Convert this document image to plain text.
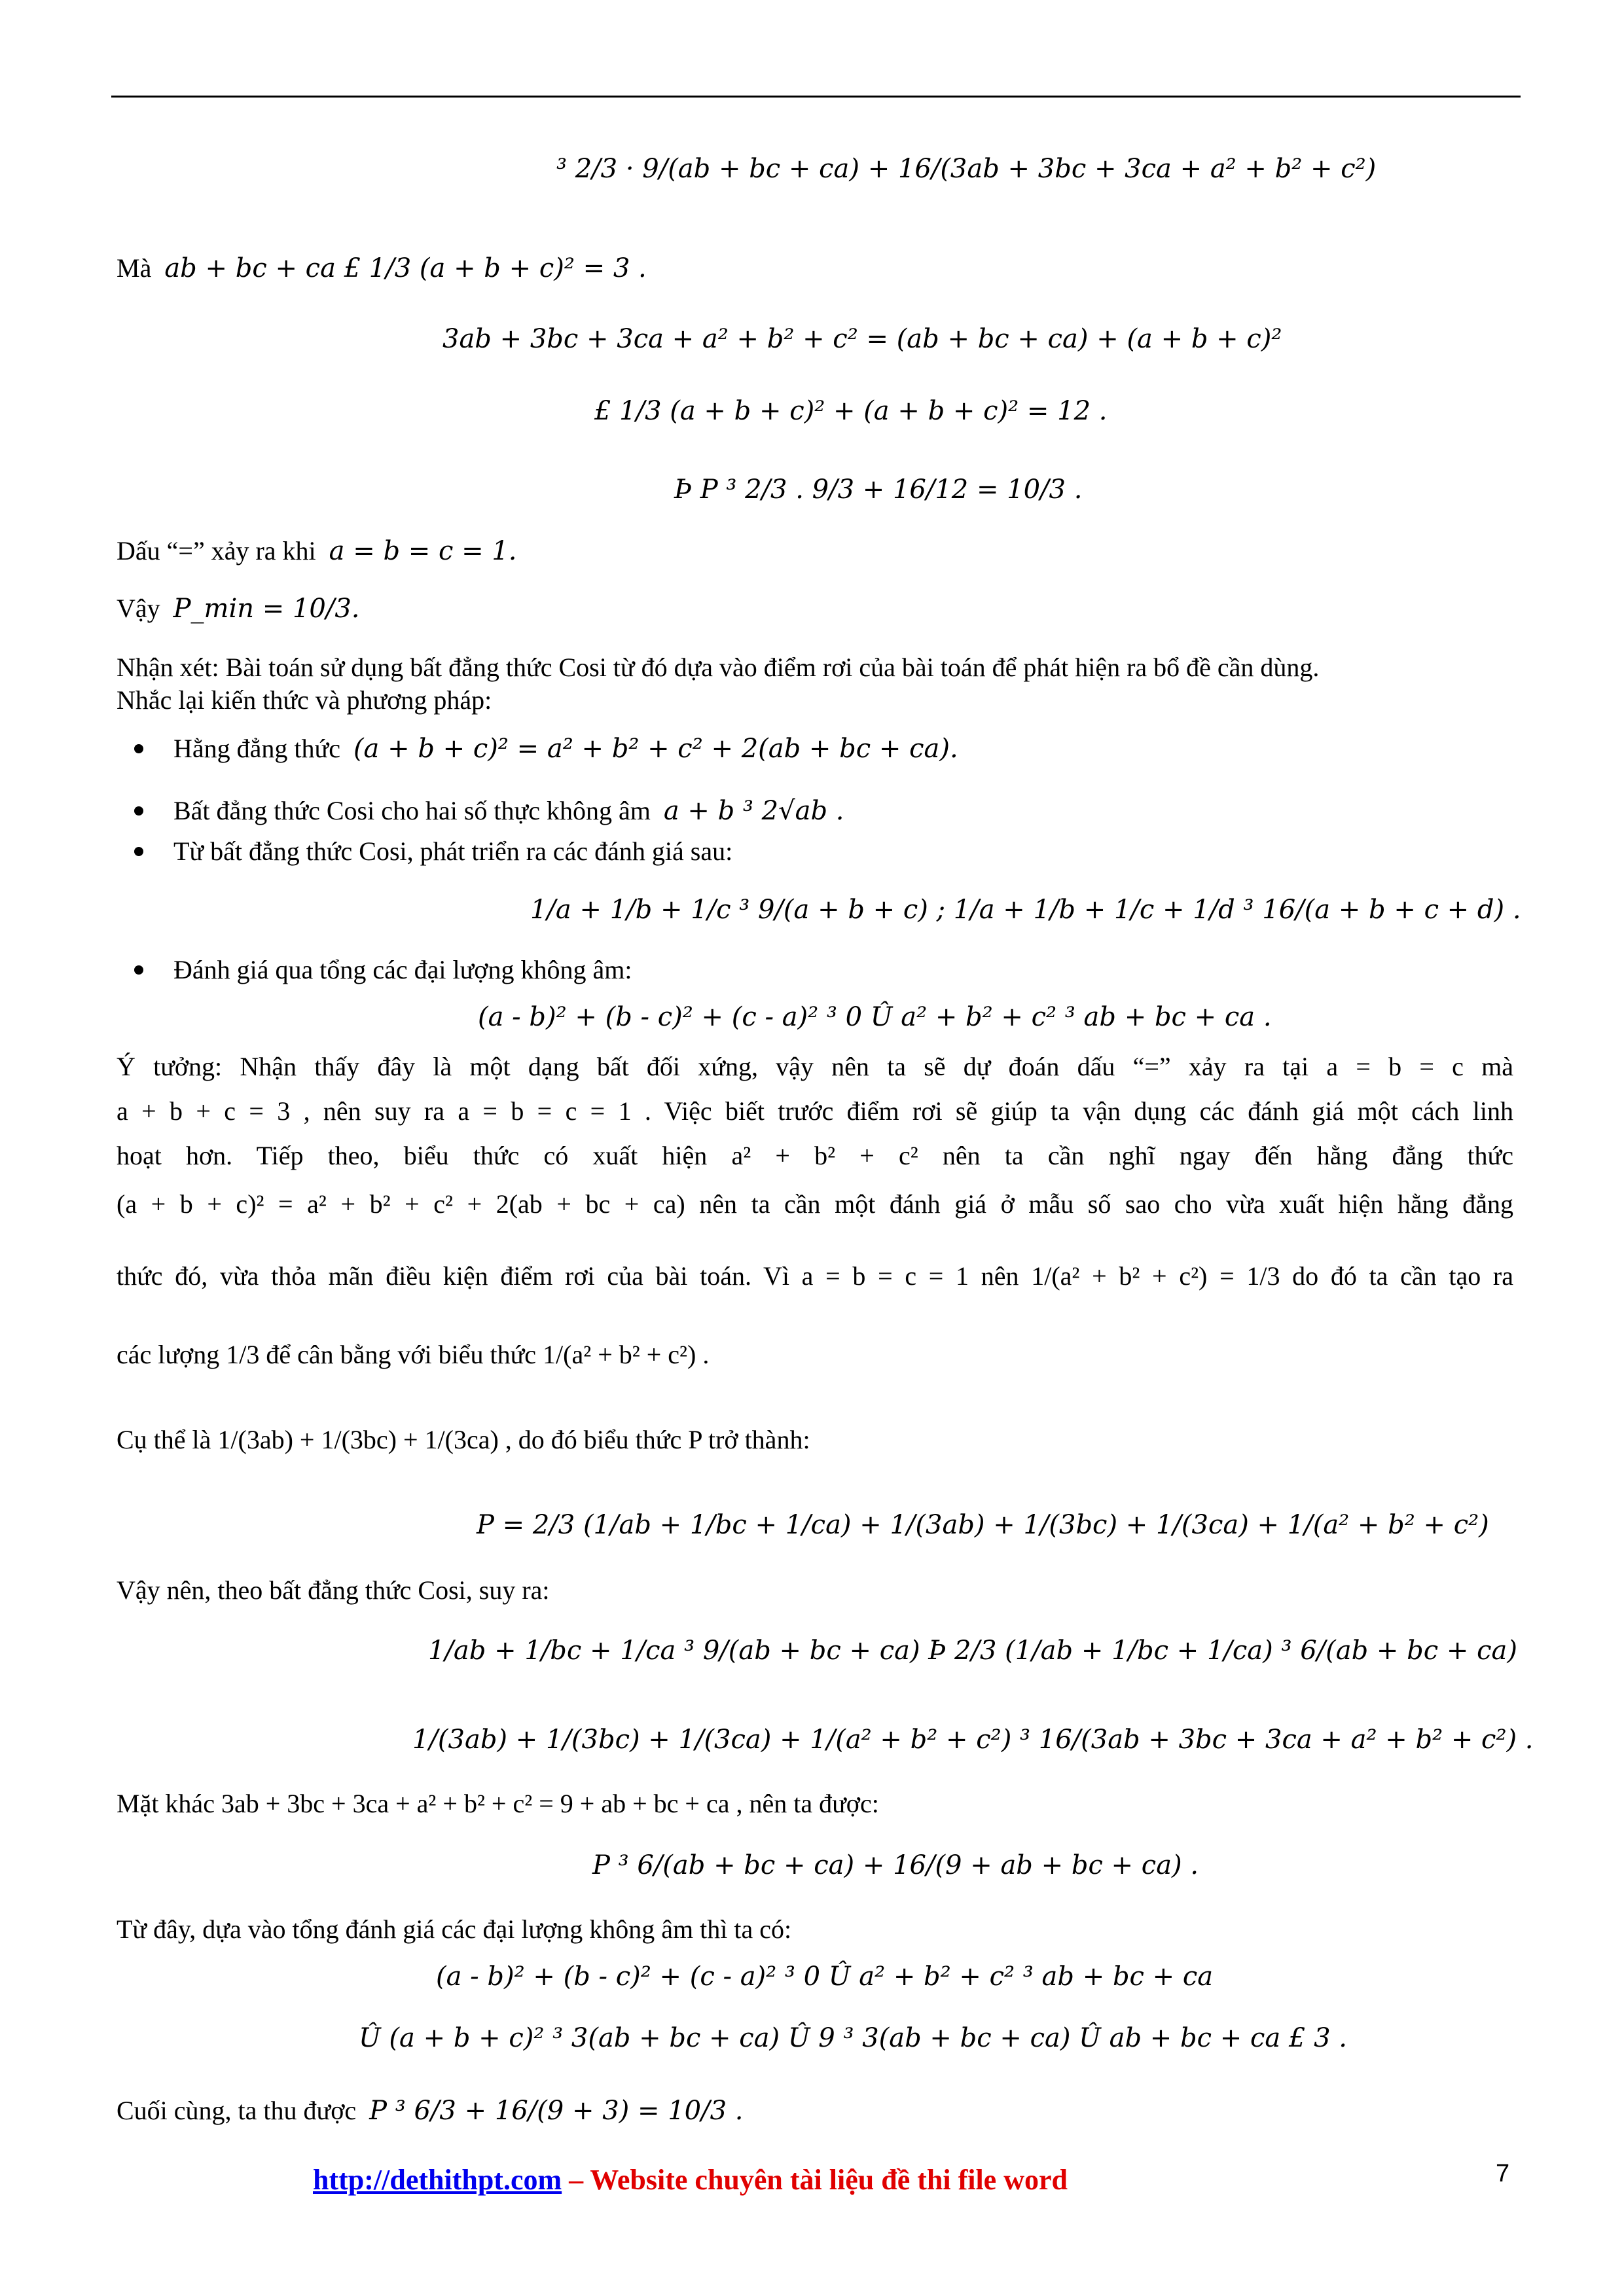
³ 2/3 · 9/(ab + bc + ca) + 16/(3ab + 3bc + 3ca + a² + b² + c²)
Mà ab + bc + ca £ 1/3 (a + b + c)² = 3 .
3ab + 3bc + 3ca + a² + b² + c² = (ab + bc + ca) + (a + b + c)²
£ 1/3 (a + b + c)² + (a + b + c)² = 12 .
Þ P ³ 2/3 . 9/3 + 16/12 = 10/3 .
Dấu “=” xảy ra khi a = b = c = 1.
Vậy P_min = 10/3.
Nhận xét: Bài toán sử dụng bất đẳng thức Cosi từ đó dựa vào điểm rơi của bài toán để phát hiện ra bổ đề cần dùng.
Nhắc lại kiến thức và phương pháp:
Hằng đẳng thức (a + b + c)² = a² + b² + c² + 2(ab + bc + ca).
Bất đẳng thức Cosi cho hai số thực không âm a + b ³ 2√ab .
Từ bất đẳng thức Cosi, phát triển ra các đánh giá sau:
1/a + 1/b + 1/c ³ 9/(a + b + c) ; 1/a + 1/b + 1/c + 1/d ³ 16/(a + b + c + d) .
Đánh giá qua tổng các đại lượng không âm:
(a - b)² + (b - c)² + (c - a)² ³ 0 Û a² + b² + c² ³ ab + bc + ca .
Ý tưởng: Nhận thấy đây là một dạng bất đối xứng, vậy nên ta sẽ dự đoán dấu “=” xảy ra tại a = b = c mà
a + b + c = 3 , nên suy ra a = b = c = 1 . Việc biết trước điểm rơi sẽ giúp ta vận dụng các đánh giá một cách linh
hoạt hơn. Tiếp theo, biểu thức có xuất hiện a² + b² + c² nên ta cần nghĩ ngay đến hằng đẳng thức
(a + b + c)² = a² + b² + c² + 2(ab + bc + ca) nên ta cần một đánh giá ở mẫu số sao cho vừa xuất hiện hằng đẳng
thức đó, vừa thỏa mãn điều kiện điểm rơi của bài toán. Vì a = b = c = 1 nên 1/(a² + b² + c²) = 1/3 do đó ta cần tạo ra
các lượng 1/3 để cân bằng với biểu thức 1/(a² + b² + c²) .
Cụ thể là 1/(3ab) + 1/(3bc) + 1/(3ca) , do đó biểu thức P trở thành:
P = 2/3 (1/ab + 1/bc + 1/ca) + 1/(3ab) + 1/(3bc) + 1/(3ca) + 1/(a² + b² + c²)
Vậy nên, theo bất đẳng thức Cosi, suy ra:
1/ab + 1/bc + 1/ca ³ 9/(ab + bc + ca) Þ 2/3 (1/ab + 1/bc + 1/ca) ³ 6/(ab + bc + ca)
1/(3ab) + 1/(3bc) + 1/(3ca) + 1/(a² + b² + c²) ³ 16/(3ab + 3bc + 3ca + a² + b² + c²) .
Mặt khác 3ab + 3bc + 3ca + a² + b² + c² = 9 + ab + bc + ca , nên ta được:
P ³ 6/(ab + bc + ca) + 16/(9 + ab + bc + ca) .
Từ đây, dựa vào tổng đánh giá các đại lượng không âm thì ta có:
(a - b)² + (b - c)² + (c - a)² ³ 0 Û a² + b² + c² ³ ab + bc + ca
Û (a + b + c)² ³ 3(ab + bc + ca) Û 9 ³ 3(ab + bc + ca) Û ab + bc + ca £ 3 .
Cuối cùng, ta thu được P ³ 6/3 + 16/(9 + 3) = 10/3 .
http://dethithpt.com – Website chuyên tài liệu đề thi file word	7
